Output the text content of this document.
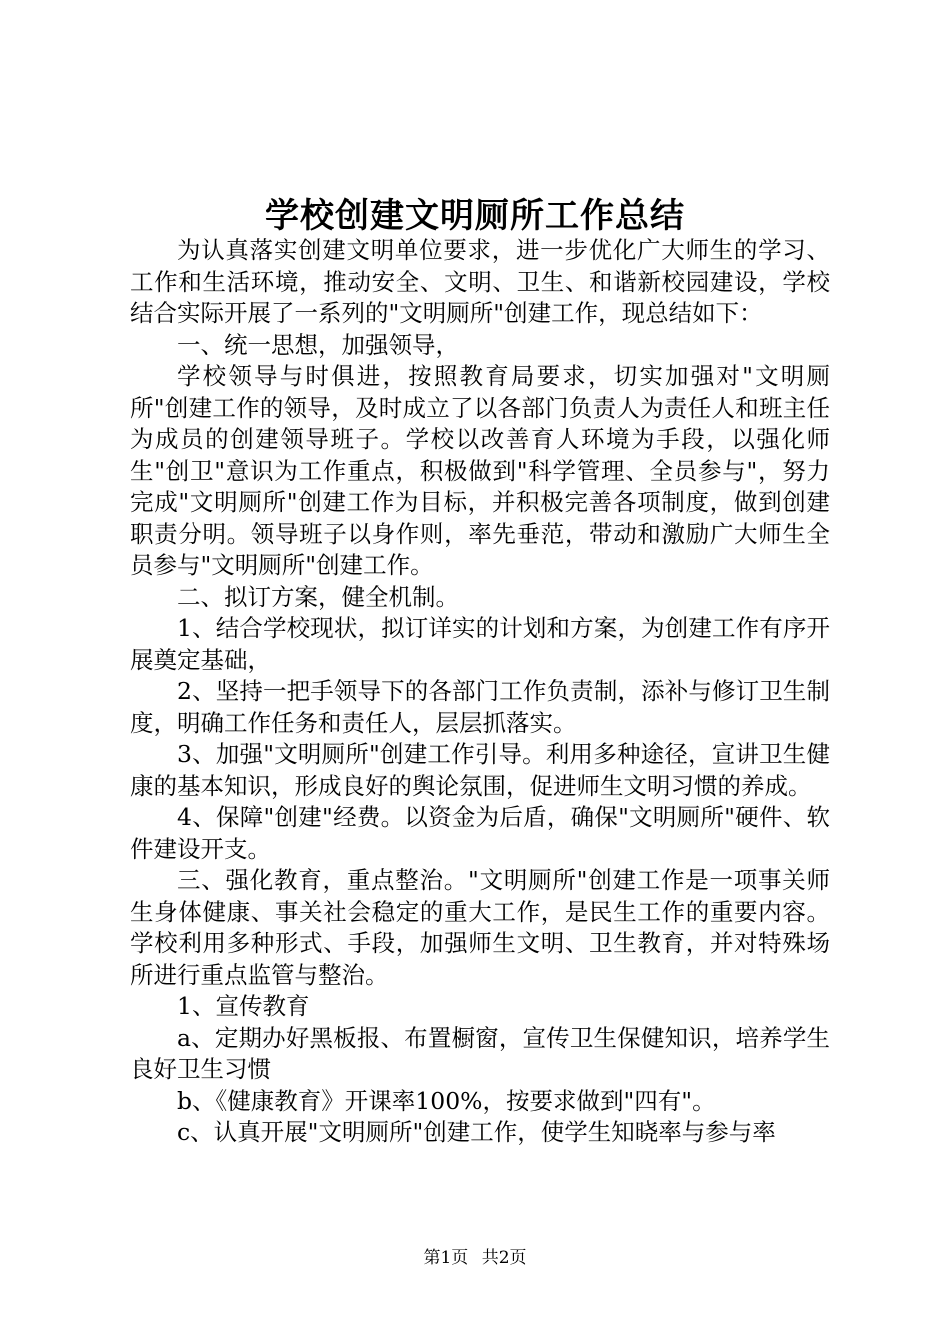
学校创建文明厕所工作总结

为认真落实创建文明单位要求，进一步优化广大师生的学习、工作和生活环境，推动安全、文明、卫生、和谐新校园建设，学校结合实际开展了一系列的"文明厕所"创建工作，现总结如下：

一、统一思想，加强领导，

学校领导与时俱进，按照教育局要求，切实加强对"文明厕所"创建工作的领导，及时成立了以各部门负责人为责任人和班主任为成员的创建领导班子。学校以改善育人环境为手段，以强化师生"创卫"意识为工作重点，积极做到"科学管理、全员参与"，努力完成"文明厕所"创建工作为目标，并积极完善各项制度，做到创建职责分明。领导班子以身作则，率先垂范，带动和激励广大师生全员参与"文明厕所"创建工作。

二、拟订方案，健全机制。

1、结合学校现状，拟订详实的计划和方案，为创建工作有序开展奠定基础，

2、坚持一把手领导下的各部门工作负责制，添补与修订卫生制度，明确工作任务和责任人，层层抓落实。

3、加强"文明厕所"创建工作引导。利用多种途径，宣讲卫生健康的基本知识，形成良好的舆论氛围，促进师生文明习惯的养成。

4、保障"创建"经费。以资金为后盾，确保"文明厕所"硬件、软件建设开支。

三、强化教育，重点整治。"文明厕所"创建工作是一项事关师生身体健康、事关社会稳定的重大工作，是民生工作的重要内容。学校利用多种形式、手段，加强师生文明、卫生教育，并对特殊场所进行重点监管与整治。

1、宣传教育

a、定期办好黑板报、布置橱窗，宣传卫生保健知识，培养学生良好卫生习惯

b、《健康教育》开课率100%，按要求做到"四有"。

c、认真开展"文明厕所"创建工作，使学生知晓率与参与率

第1页 共2页
